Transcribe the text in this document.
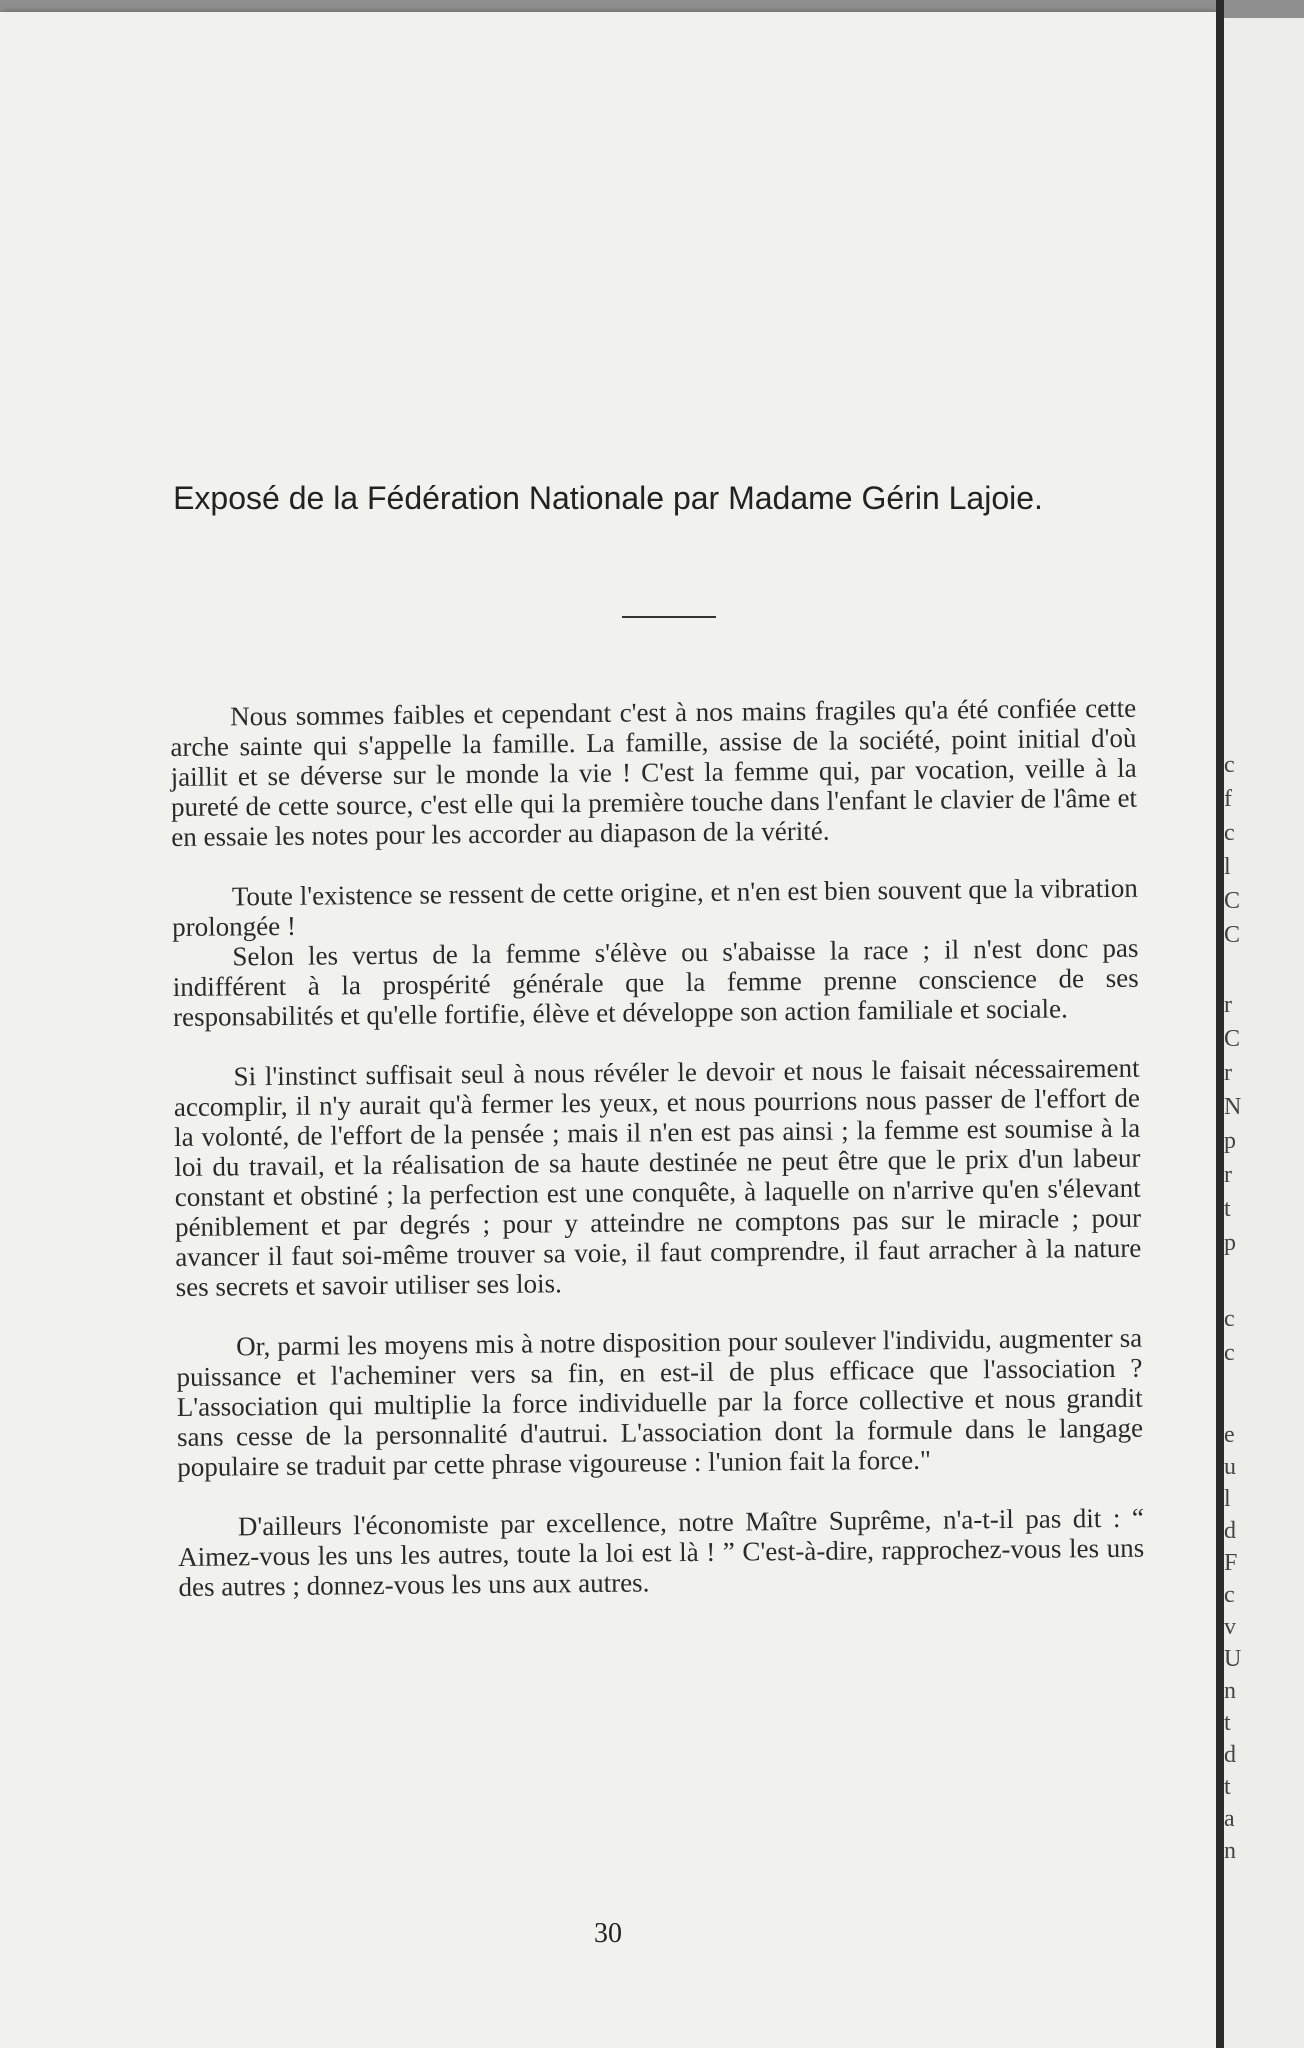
Exposé de la Fédération Nationale par Madame Gérin Lajoie.

Nous sommes faibles et cependant c'est à nos mains fragiles qu'a été confiée cette arche sainte qui s'appelle la famille. La famille, assise de la société, point initial d'où jaillit et se déverse sur le monde la vie ! C'est la femme qui, par vocation, veille à la pureté de cette source, c'est elle qui la première touche dans l'enfant le clavier de l'âme et en essaie les notes pour les accorder au diapason de la vérité.

Toute l'existence se ressent de cette origine, et n'en est bien souvent que la vibration prolongée !

Selon les vertus de la femme s'élève ou s'abaisse la race ; il n'est donc pas indifférent à la prospérité générale que la femme prenne conscience de ses responsabilités et qu'elle fortifie, élève et développe son action familiale et sociale.

Si l'instinct suffisait seul à nous révéler le devoir et nous le faisait nécessairement accomplir, il n'y aurait qu'à fermer les yeux, et nous pourrions nous passer de l'effort de la volonté, de l'effort de la pensée ; mais il n'en est pas ainsi ; la femme est soumise à la loi du travail, et la réalisation de sa haute destinée ne peut être que le prix d'un labeur constant et obstiné ; la perfection est une conquête, à laquelle on n'arrive qu'en s'élevant péniblement et par degrés ; pour y atteindre ne comptons pas sur le miracle ; pour avancer il faut soi-même trouver sa voie, il faut comprendre, il faut arracher à la nature ses secrets et savoir utiliser ses lois.

Or, parmi les moyens mis à notre disposition pour soulever l'individu, augmenter sa puissance et l'acheminer vers sa fin, en est-il de plus efficace que l'association ? L'association qui multiplie la force individuelle par la force collective et nous grandit sans cesse de la personnalité d'autrui. L'association dont la formule dans le langage populaire se traduit par cette phrase vigoureuse : l'union fait la force."

D'ailleurs l'économiste par excellence, notre Maître Suprême, n'a-t-il pas dit : “ Aimez-vous les uns les autres, toute la loi est là ! ” C'est-à-dire, rapprochez-vous les uns des autres ; donnez-vous les uns aux autres.

30
c
f
c
l
C
C
r
C
r
N
p
r
t
p
c
c
e
u
l
d
F
c
v
U
n
t
d
t
a
n
